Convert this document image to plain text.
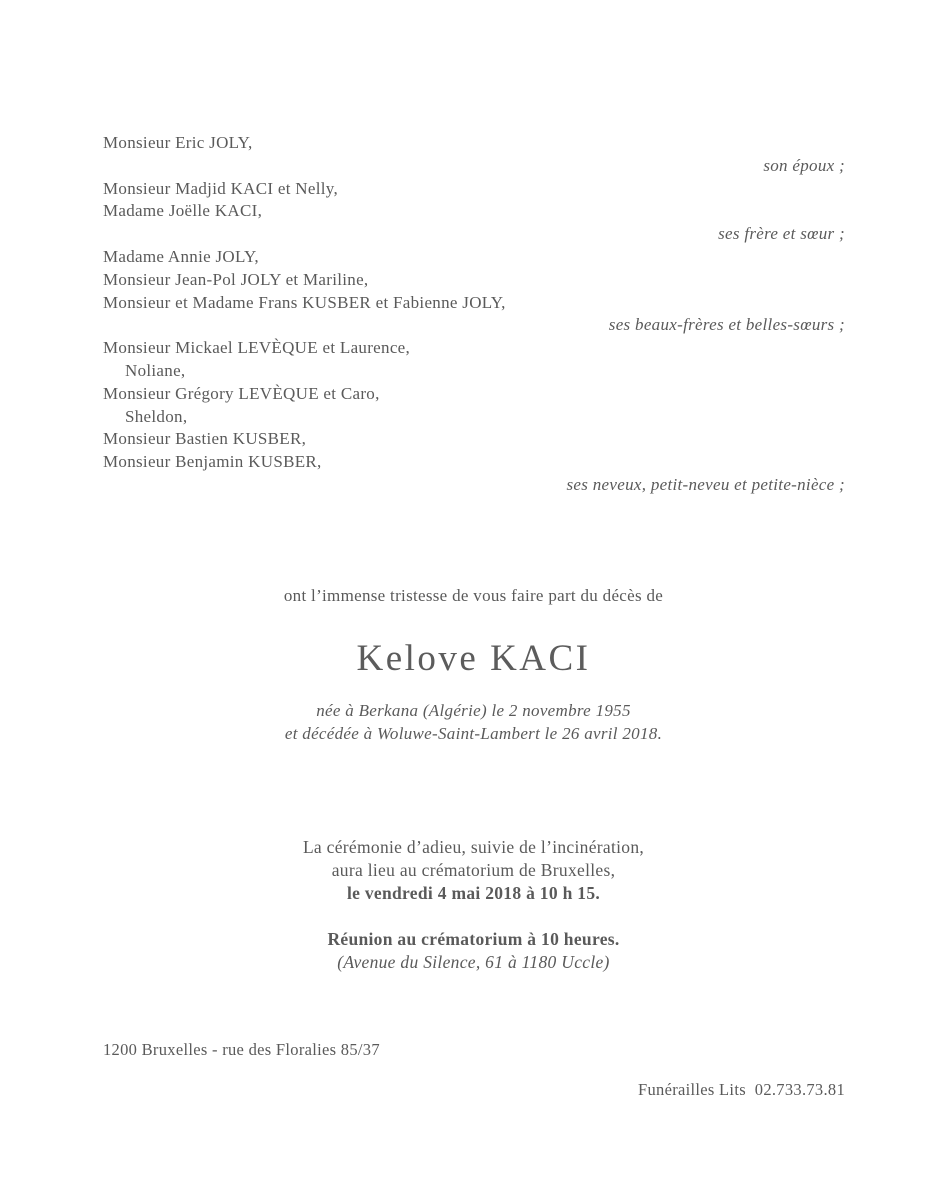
Monsieur Eric JOLY,
son époux ;
Monsieur Madjid KACI et Nelly,
Madame Joëlle KACI,
ses frère et sœur ;
Madame Annie JOLY,
Monsieur Jean-Pol JOLY et Mariline,
Monsieur et Madame Frans KUSBER et Fabienne JOLY,
ses beaux-frères et belles-sœurs ;
Monsieur Mickael LEVÈQUE et Laurence,
Noliane,
Monsieur Grégory LEVÈQUE et Caro,
Sheldon,
Monsieur Bastien KUSBER,
Monsieur Benjamin KUSBER,
ses neveux, petit-neveu et petite-nièce ;
ont l’immense tristesse de vous faire part du décès de
Kelove KACI
née à Berkana (Algérie) le 2 novembre 1955
et décédée à Woluwe-Saint-Lambert le 26 avril 2018.
La cérémonie d’adieu, suivie de l’incinération,
aura lieu au crématorium de Bruxelles,
le vendredi 4 mai 2018 à 10 h 15.
Réunion au crématorium à 10 heures.
(Avenue du Silence, 61 à 1180 Uccle)
1200 Bruxelles - rue des Floralies 85/37
Funérailles Lits  02.733.73.81
